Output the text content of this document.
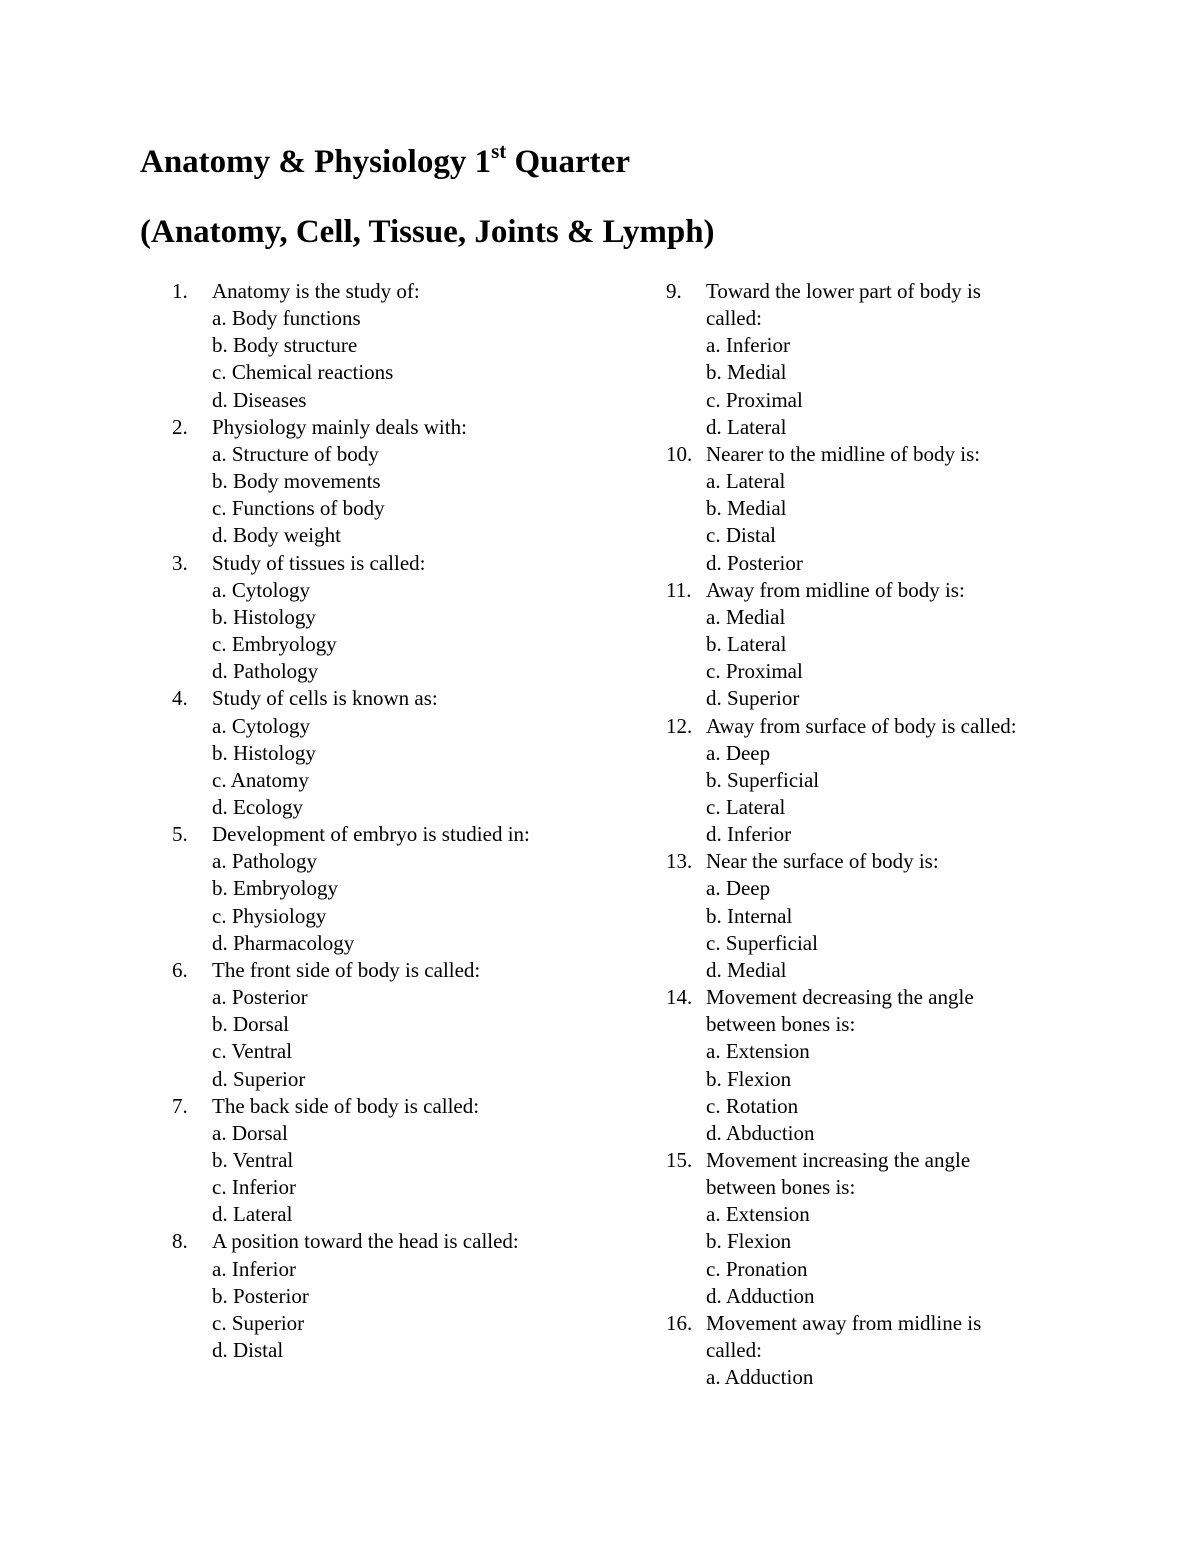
Anatomy & Physiology 1st Quarter
(Anatomy, Cell, Tissue, Joints & Lymph)
1.	Anatomy is the study of:
a. Body functions
b. Body structure
c. Chemical reactions
d. Diseases
2.	Physiology mainly deals with:
a. Structure of body
b. Body movements
c. Functions of body
d. Body weight
3.	Study of tissues is called:
a. Cytology
b. Histology
c. Embryology
d. Pathology
4.	Study of cells is known as:
a. Cytology
b. Histology
c. Anatomy
d. Ecology
5.	Development of embryo is studied in:
a. Pathology
b. Embryology
c. Physiology
d. Pharmacology
6.	The front side of body is called:
a. Posterior
b. Dorsal
c. Ventral
d. Superior
7.	The back side of body is called:
a. Dorsal
b. Ventral
c. Inferior
d. Lateral
8.	A position toward the head is called:
a. Inferior
b. Posterior
c. Superior
d. Distal
9.	Toward the lower part of body is called:
a. Inferior
b. Medial
c. Proximal
d. Lateral
10. Nearer to the midline of body is:
a. Lateral
b. Medial
c. Distal
d. Posterior
11. Away from midline of body is:
a. Medial
b. Lateral
c. Proximal
d. Superior
12. Away from surface of body is called:
a. Deep
b. Superficial
c. Lateral
d. Inferior
13. Near the surface of body is:
a. Deep
b. Internal
c. Superficial
d. Medial
14. Movement decreasing the angle between bones is:
a. Extension
b. Flexion
c. Rotation
d. Abduction
15. Movement increasing the angle between bones is:
a. Extension
b. Flexion
c. Pronation
d. Adduction
16. Movement away from midline is called:
a. Adduction
